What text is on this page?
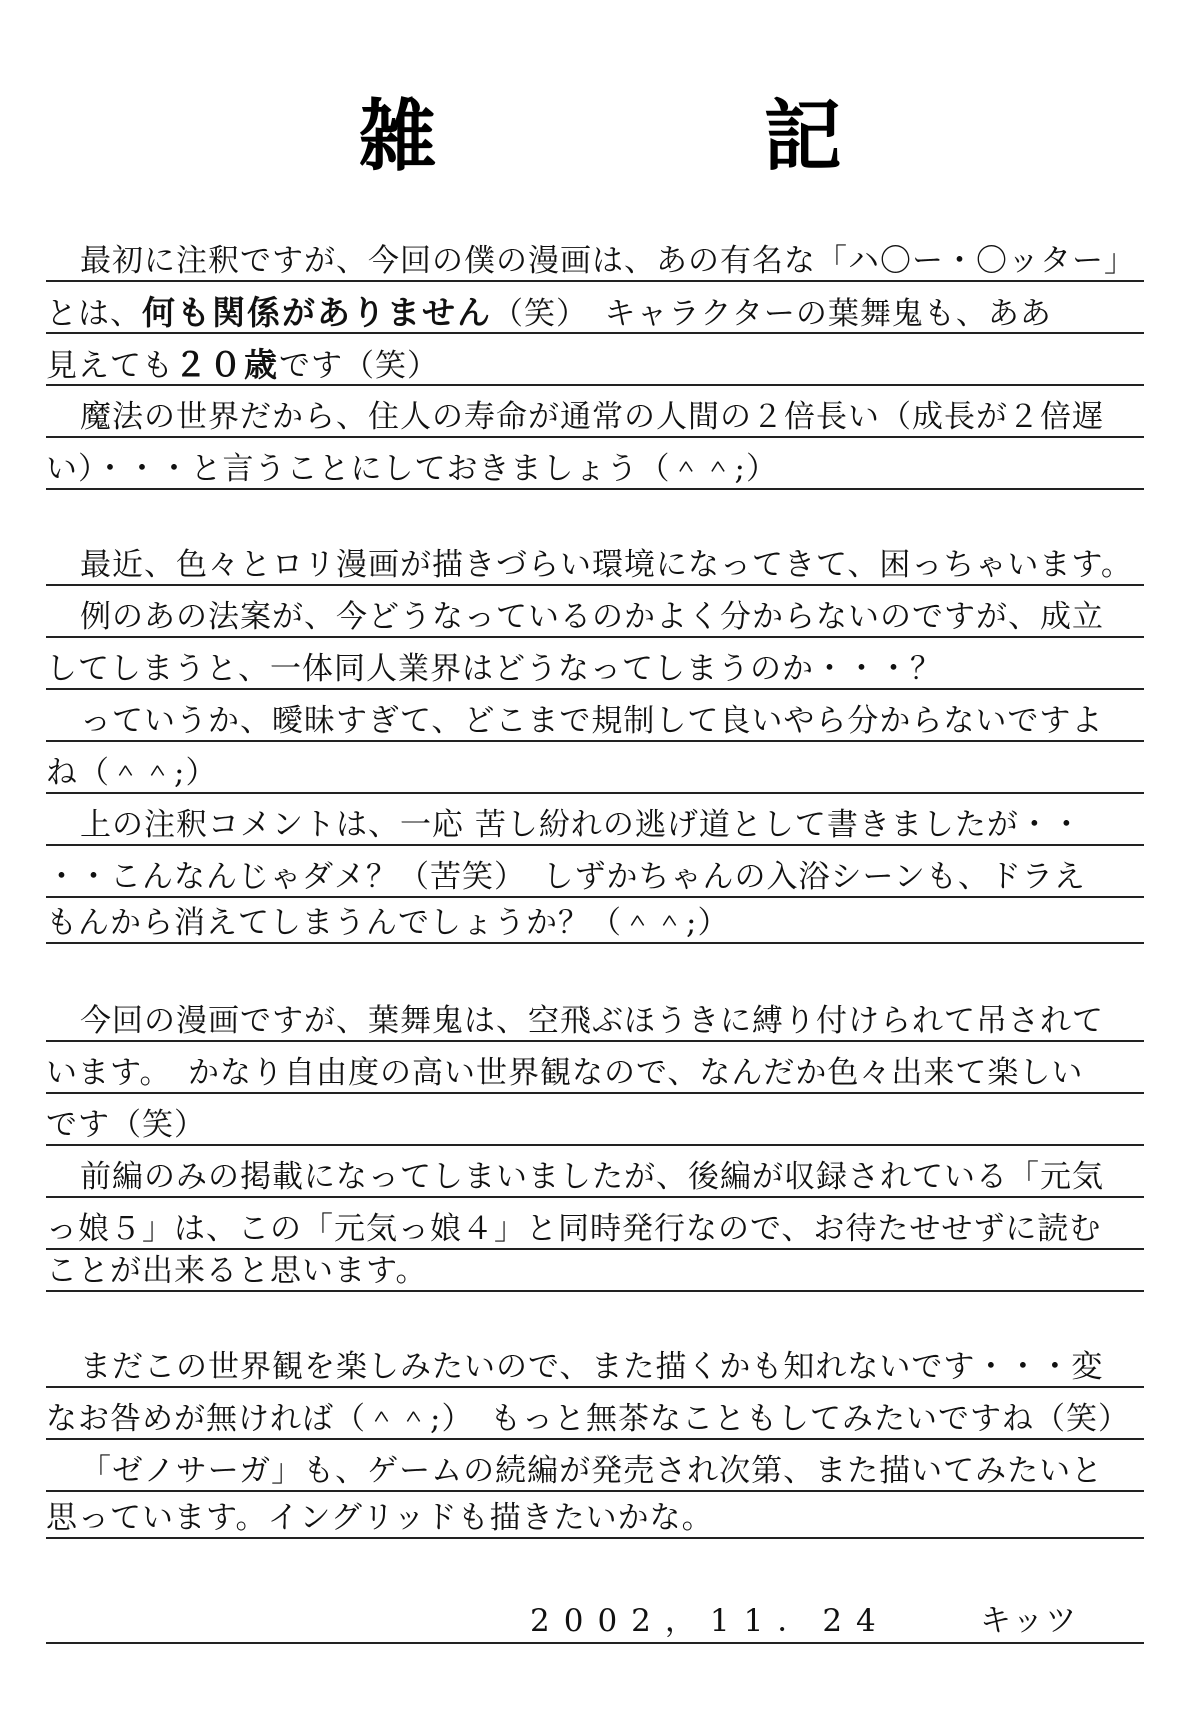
雑 記
最初に注釈ですが、今回の僕の漫画は、あの有名な「ハ〇ー・〇ッター」
とは、何も関係がありません（笑）　キャラクターの葉舞鬼も、ああ
見えても２０歳です（笑）
魔法の世界だから、住人の寿命が通常の人間の２倍長い（成長が２倍遅
い）・・・と言うことにしておきましょう（＾＾;）
最近、色々とロリ漫画が描きづらい環境になってきて、困っちゃいます。
例のあの法案が、今どうなっているのかよく分からないのですが、成立
してしまうと、一体同人業界はどうなってしまうのか・・・？
っていうか、曖昧すぎて、どこまで規制して良いやら分からないですよ
ね（＾＾;）
上の注釈コメントは、一応 苦し紛れの逃げ道として書きましたが・・
・・こんなんじゃダメ？（苦笑）　しずかちゃんの入浴シーンも、ドラえ
もんから消えてしまうんでしょうか？（＾＾;）
今回の漫画ですが、葉舞鬼は、空飛ぶほうきに縛り付けられて吊されて
います。　かなり自由度の高い世界観なので、なんだか色々出来て楽しい
です（笑）
前編のみの掲載になってしまいましたが、後編が収録されている「元気
っ娘５」は、この「元気っ娘４」と同時発行なので、お待たせせずに読む
ことが出来ると思います。
まだこの世界観を楽しみたいので、また描くかも知れないです・・・変
なお咎めが無ければ（＾＾;）　もっと無茶なこともしてみたいですね（笑）
「ゼノサーガ」も、ゲームの続編が発売され次第、また描いてみたいと
思っています。イングリッドも描きたいかな。
2002，11．24	キッツ
